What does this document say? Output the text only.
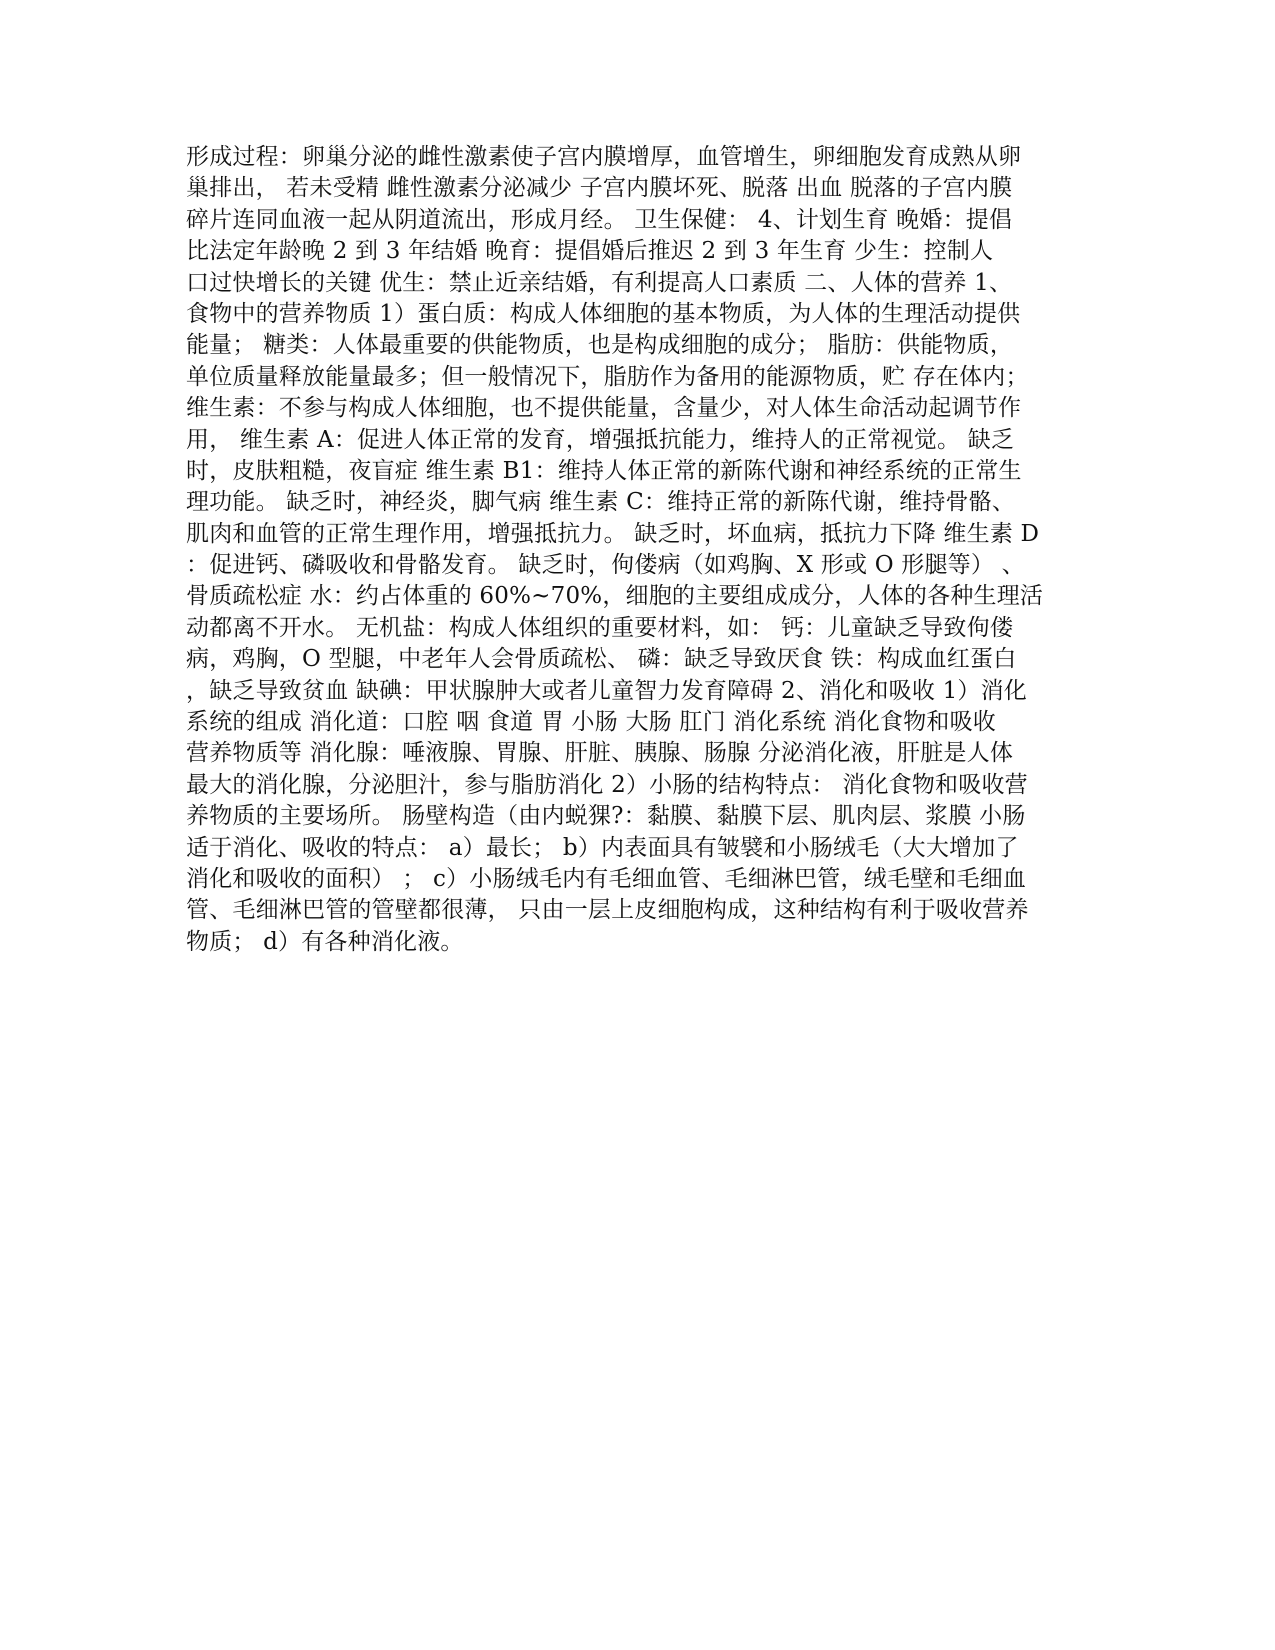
形成过程：卵巢分泌的雌性激素使子宫内膜增厚，血管增生，卵细胞发育成熟从卵
巢排出， 若未受精 雌性激素分泌减少 子宫内膜坏死、脱落 出血 脱落的子宫内膜
碎片连同血液一起从阴道流出，形成月经。 卫生保健： 4、计划生育 晚婚：提倡
比法定年龄晚 2 到 3 年结婚 晚育：提倡婚后推迟 2 到 3 年生育 少生：控制人
口过快增长的关键 优生：禁止近亲结婚，有利提高人口素质 二、人体的营养 1、
食物中的营养物质 1）蛋白质：构成人体细胞的基本物质，为人体的生理活动提供
能量； 糖类：人体最重要的供能物质，也是构成细胞的成分； 脂肪：供能物质，
单位质量释放能量最多；但一般情况下，脂肪作为备用的能源物质，贮 存在体内；
维生素：不参与构成人体细胞，也不提供能量，含量少，对人体生命活动起调节作
用， 维生素 A：促进人体正常的发育，增强抵抗能力，维持人的正常视觉。 缺乏
时，皮肤粗糙，夜盲症 维生素 B1：维持人体正常的新陈代谢和神经系统的正常生
理功能。 缺乏时，神经炎，脚气病 维生素 C：维持正常的新陈代谢，维持骨骼、
肌肉和血管的正常生理作用，增强抵抗力。 缺乏时，坏血病，抵抗力下降 维生素 D
：促进钙、磷吸收和骨骼发育。 缺乏时，佝偻病（如鸡胸、X 形或 O 形腿等） 、
骨质疏松症 水：约占体重的 60%~70%，细胞的主要组成成分，人体的各种生理活
动都离不开水。 无机盐：构成人体组织的重要材料，如： 钙：儿童缺乏导致佝偻
病，鸡胸，O 型腿，中老年人会骨质疏松、 磷：缺乏导致厌食 铁：构成血红蛋白
，缺乏导致贫血 缺碘：甲状腺肿大或者儿童智力发育障碍 2、消化和吸收 1）消化
系统的组成 消化道：口腔 咽 食道 胃 小肠 大肠 肛门 消化系统 消化食物和吸收
营养物质等 消化腺：唾液腺、胃腺、肝脏、胰腺、肠腺 分泌消化液，肝脏是人体
最大的消化腺，分泌胆汁，参与脂肪消化 2）小肠的结构特点： 消化食物和吸收营
养物质的主要场所。 肠壁构造（由内蜕猓?：黏膜、黏膜下层、肌肉层、浆膜 小肠
适于消化、吸收的特点： a）最长； b）内表面具有皱襞和小肠绒毛（大大增加了
消化和吸收的面积） ； c）小肠绒毛内有毛细血管、毛细淋巴管，绒毛壁和毛细血
管、毛细淋巴管的管壁都很薄， 只由一层上皮细胞构成，这种结构有利于吸收营养
物质； d）有各种消化液。
